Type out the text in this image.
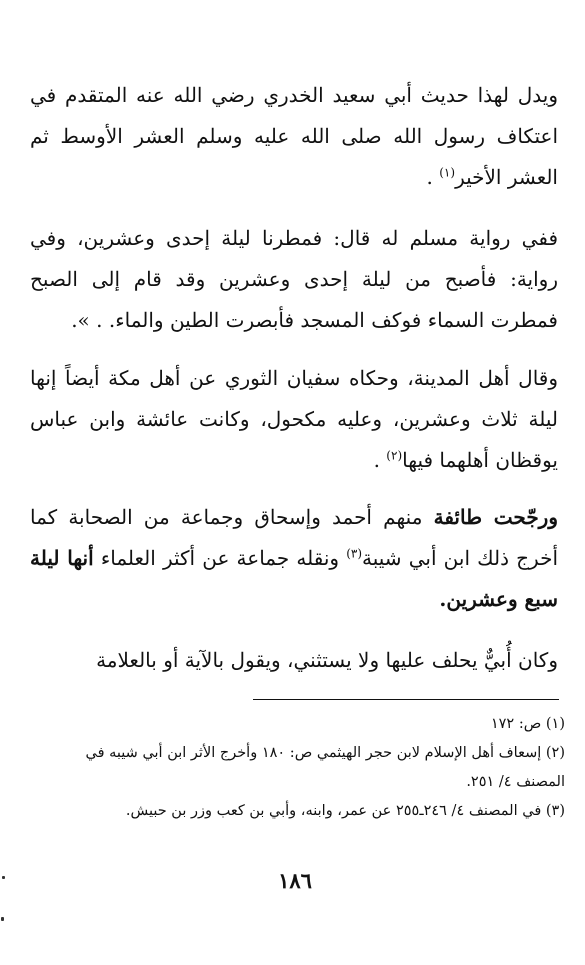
ويدل لهذا حديث أبي سعيد الخدري رضي الله عنه المتقدم في اعتكاف رسول الله صلى الله عليه وسلم العشر الأوسط ثم العشر الأخير$^{(١)}$ .

ففي رواية مسلم له قال: فمطرنا ليلة إحدى وعشرين، وفي رواية: فأصبح من ليلة إحدى وعشرين وقد قام إلى الصبح فمطرت السماء فوكف المسجد فأبصرت الطين والماء. . ».

وقال أهل المدينة، وحكاه سفيان الثوري عن أهل مكة أيضاً إنها ليلة ثلاث وعشرين، وعليه مكحول، وكانت عائشة وابن عباس يوقظان أهلهما فيها$^{(٢)}$ .

ورجّحت طائفة منهم أحمد وإسحاق وجماعة من الصحابة كما أخرج ذلك ابن أبي شيبة$^{(٣)}$ ونقله جماعة عن أكثر العلماء أنها ليلة سبع وعشرين.

وكان أُبيٌّ يحلف عليها ولا يستثني، ويقول بالآية أو بالعلامة

(١) ص: ١٧٢

(٢) إسعاف أهل الإسلام لابن حجر الهيثمي ص: ١٨٠ وأخرج الأثر ابن أبي شيبه في المصنف ٤/ ٢٥١.

(٣) في المصنف ٤/ ٢٤٦ـ٢٥٥ عن عمر، وابنه، وأبي بن كعب وزر بن حبيش.

١٨٦
